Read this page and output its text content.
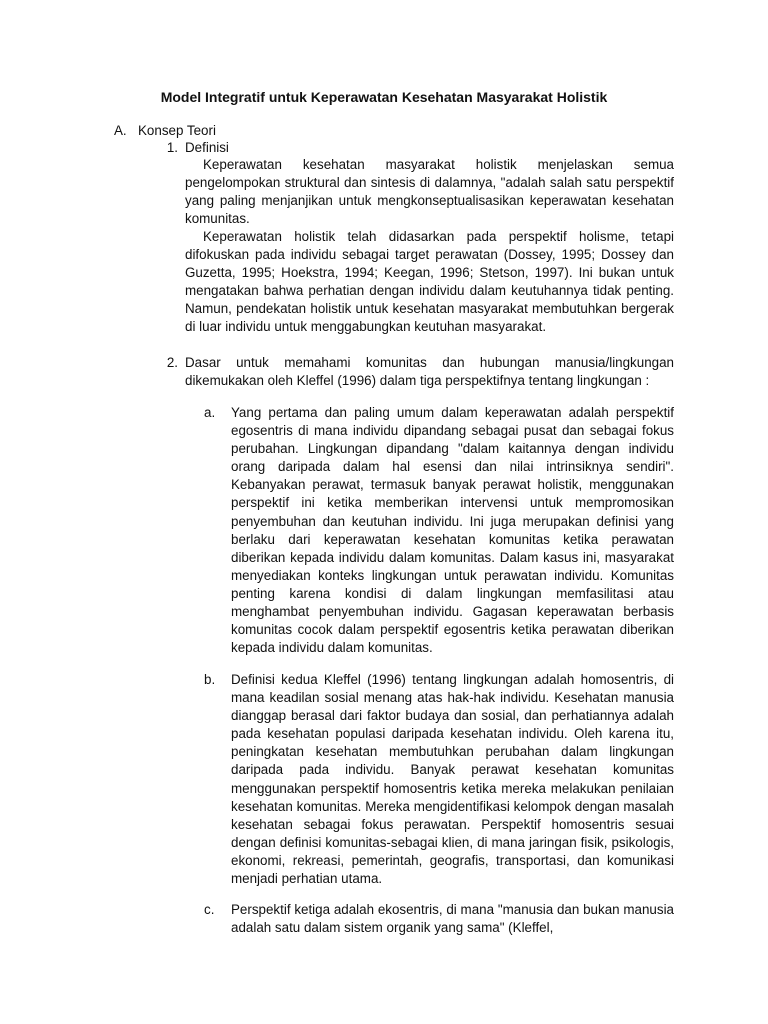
Model Integratif untuk Keperawatan Kesehatan Masyarakat Holistik
A. Konsep Teori
1. Definisi

Keperawatan kesehatan masyarakat holistik menjelaskan semua pengelompokan struktural dan sintesis di dalamnya, "adalah salah satu perspektif yang paling menjanjikan untuk mengkonseptualisasikan keperawatan kesehatan komunitas.

Keperawatan holistik telah didasarkan pada perspektif holisme, tetapi difokuskan pada individu sebagai target perawatan (Dossey, 1995; Dossey dan Guzetta, 1995; Hoekstra, 1994; Keegan, 1996; Stetson, 1997). Ini bukan untuk mengatakan bahwa perhatian dengan individu dalam keutuhannya tidak penting. Namun, pendekatan holistik untuk kesehatan masyarakat membutuhkan bergerak di luar individu untuk menggabungkan keutuhan masyarakat.

2. Dasar untuk memahami komunitas dan hubungan manusia/lingkungan dikemukakan oleh Kleffel (1996) dalam tiga perspektifnya tentang lingkungan :
a.	Yang pertama dan paling umum dalam keperawatan adalah perspektif egosentris di mana individu dipandang sebagai pusat dan sebagai fokus perubahan. Lingkungan dipandang "dalam kaitannya dengan individu orang daripada dalam hal esensi dan nilai intrinsiknya sendiri". Kebanyakan perawat, termasuk banyak perawat holistik, menggunakan perspektif ini ketika memberikan intervensi untuk mempromosikan penyembuhan dan keutuhan individu. Ini juga merupakan definisi yang berlaku dari keperawatan kesehatan komunitas ketika perawatan diberikan kepada individu dalam komunitas. Dalam kasus ini, masyarakat menyediakan konteks lingkungan untuk perawatan individu. Komunitas penting karena kondisi di dalam lingkungan memfasilitasi atau menghambat penyembuhan individu. Gagasan keperawatan berbasis komunitas cocok dalam perspektif egosentris ketika perawatan diberikan kepada individu dalam komunitas.
b.	Definisi kedua Kleffel (1996) tentang lingkungan adalah homosentris, di mana keadilan sosial menang atas hak-hak individu. Kesehatan manusia dianggap berasal dari faktor budaya dan sosial, dan perhatiannya adalah pada kesehatan populasi daripada kesehatan individu. Oleh karena itu, peningkatan kesehatan membutuhkan perubahan dalam lingkungan daripada pada individu. Banyak perawat kesehatan komunitas menggunakan perspektif homosentris ketika mereka melakukan penilaian kesehatan komunitas. Mereka mengidentifikasi kelompok dengan masalah kesehatan sebagai fokus perawatan. Perspektif homosentris sesuai dengan definisi komunitas-sebagai klien, di mana jaringan fisik, psikologis, ekonomi, rekreasi, pemerintah, geografis, transportasi, dan komunikasi menjadi perhatian utama.
c.	Perspektif ketiga adalah ekosentris, di mana "manusia dan bukan manusia adalah satu dalam sistem organik yang sama" (Kleffel,
